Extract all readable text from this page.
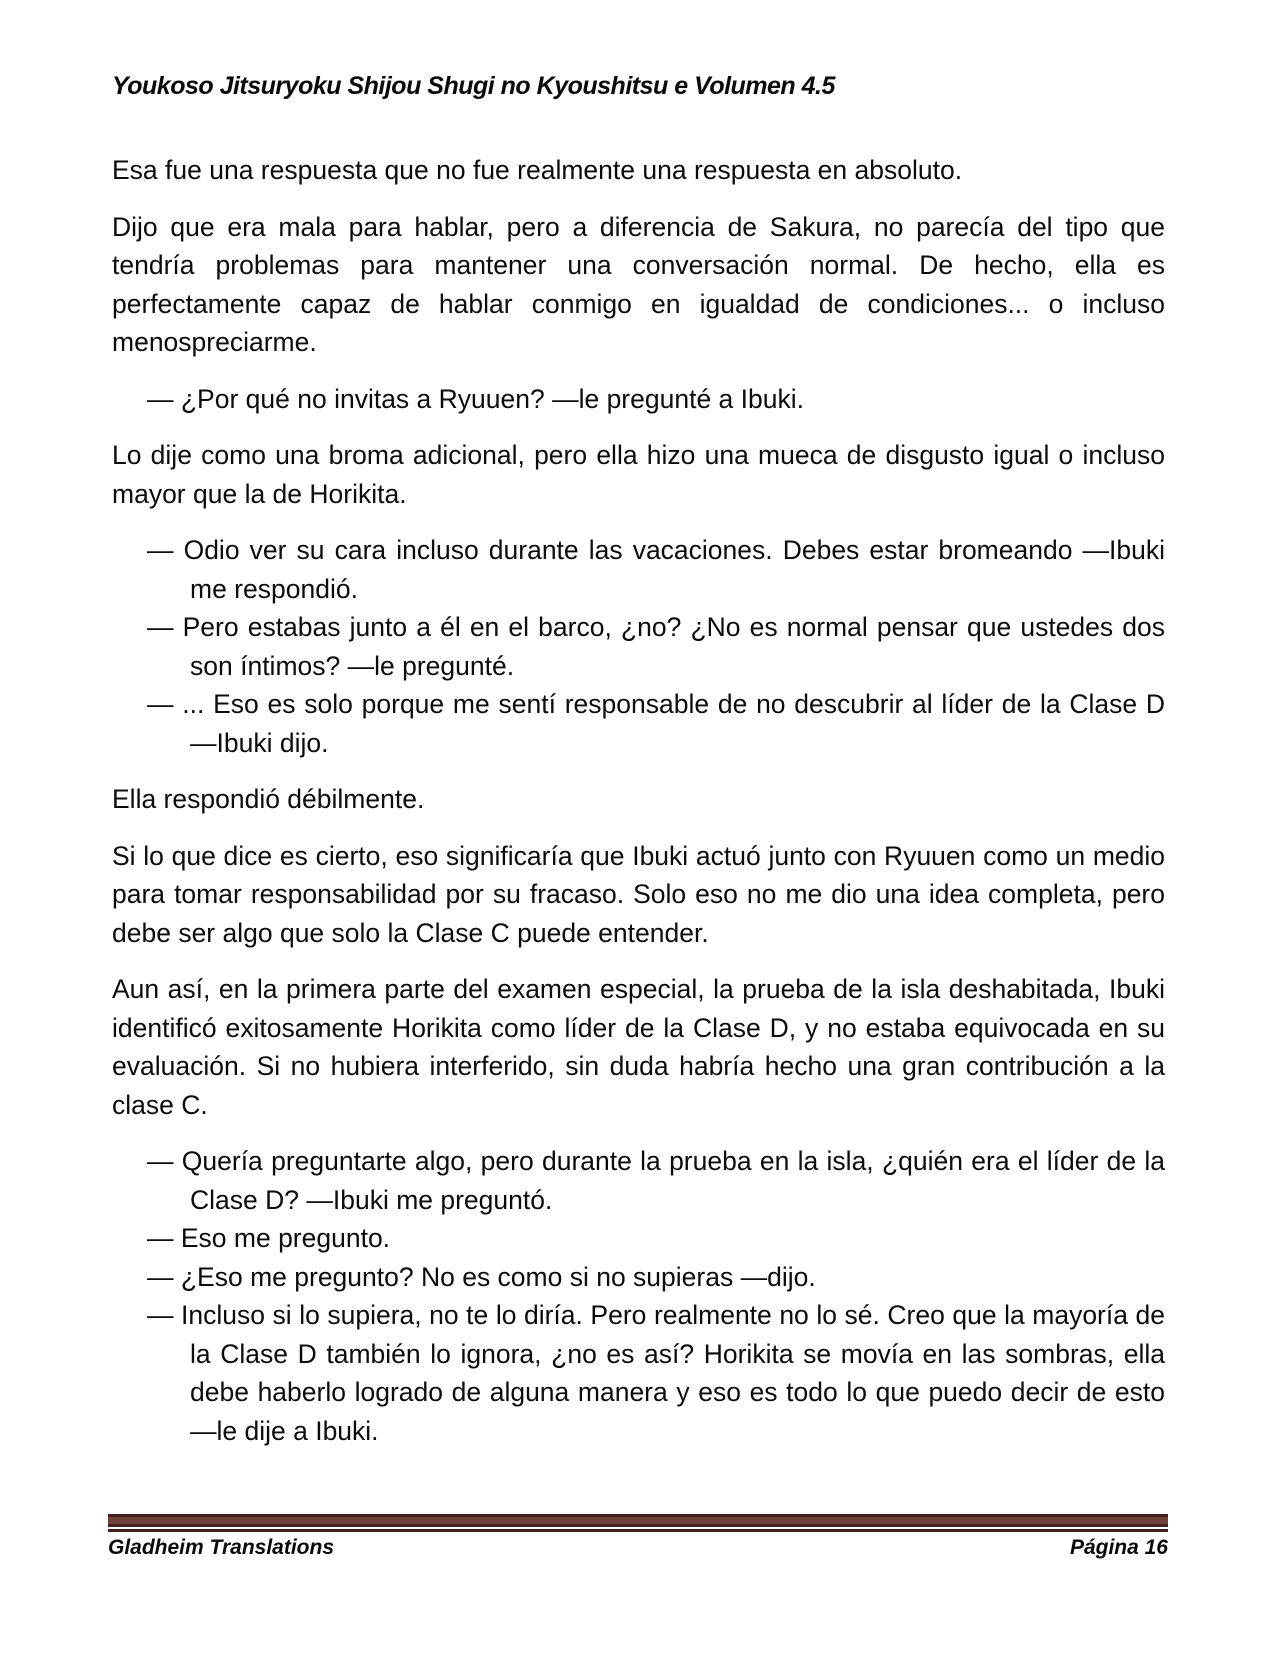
Youkoso Jitsuryoku Shijou Shugi no Kyoushitsu e Volumen 4.5

Esa fue una respuesta que no fue realmente una respuesta en absoluto.

Dijo que era mala para hablar, pero a diferencia de Sakura, no parecía del tipo que tendría problemas para mantener una conversación normal. De hecho, ella es perfectamente capaz de hablar conmigo en igualdad de condiciones... o incluso menospreciarme.

— ¿Por qué no invitas a Ryuuen? —le pregunté a Ibuki.

Lo dije como una broma adicional, pero ella hizo una mueca de disgusto igual o incluso mayor que la de Horikita.

— Odio ver su cara incluso durante las vacaciones. Debes estar bromeando —Ibuki me respondió.

— Pero estabas junto a él en el barco, ¿no? ¿No es normal pensar que ustedes dos son íntimos? —le pregunté.

— ... Eso es solo porque me sentí responsable de no descubrir al líder de la Clase D —Ibuki dijo.

Ella respondió débilmente.

Si lo que dice es cierto, eso significaría que Ibuki actuó junto con Ryuuen como un medio para tomar responsabilidad por su fracaso. Solo eso no me dio una idea completa, pero debe ser algo que solo la Clase C puede entender.

Aun así, en la primera parte del examen especial, la prueba de la isla deshabitada, Ibuki identificó exitosamente Horikita como líder de la Clase D, y no estaba equivocada en su evaluación. Si no hubiera interferido, sin duda habría hecho una gran contribución a la clase C.

— Quería preguntarte algo, pero durante la prueba en la isla, ¿quién era el líder de la Clase D? —Ibuki me preguntó.

— Eso me pregunto.

— ¿Eso me pregunto? No es como si no supieras —dijo.

— Incluso si lo supiera, no te lo diría. Pero realmente no lo sé. Creo que la mayoría de la Clase D también lo ignora, ¿no es así? Horikita se movía en las sombras, ella debe haberlo logrado de alguna manera y eso es todo lo que puedo decir de esto —le dije a Ibuki.

Gladheim Translations	Página 16
